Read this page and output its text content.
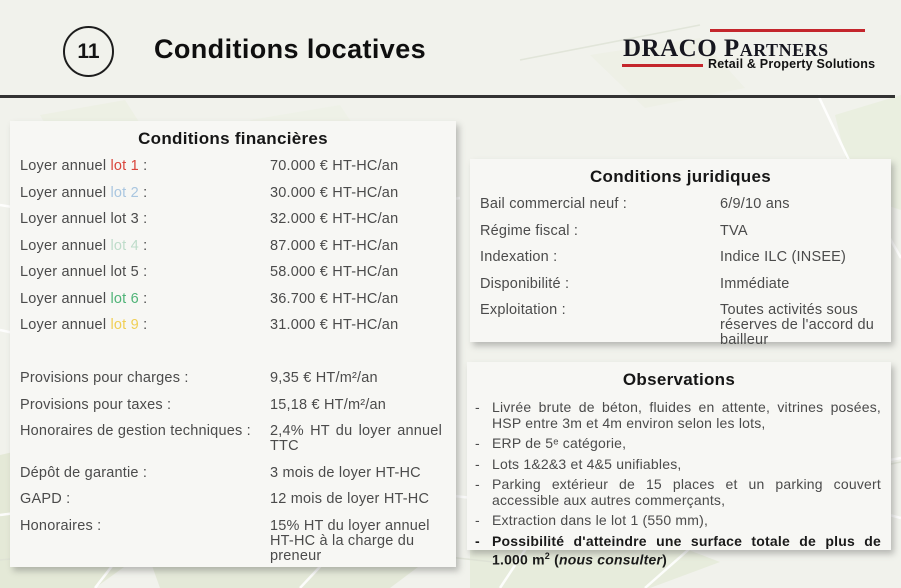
11 Conditions locatives	DRACO Partners
Retail & Property Solutions
Conditions financières
Loyer annuel lot 1 :	70.000 € HT-HC/an
Loyer annuel lot 2 :	30.000 € HT-HC/an
Loyer annuel lot 3 :	32.000 € HT-HC/an
Loyer annuel lot 4 :	87.000 € HT-HC/an
Loyer annuel lot 5 :	58.000 € HT-HC/an
Loyer annuel lot 6 :	36.700 € HT-HC/an
Loyer annuel lot 9 :	31.000 € HT-HC/an
Provisions pour charges :	9,35 € HT/m²/an
Provisions pour taxes :	15,18 € HT/m²/an
Honoraires de gestion techniques :	2,4% HT du loyer annuel TTC
Dépôt de garantie :	3 mois de loyer HT-HC
GAPD :	12 mois de loyer HT-HC
Honoraires :	15% HT du loyer annuel HT-HC à la charge du preneur
Conditions juridiques
Bail commercial neuf :	6/9/10 ans
Régime fiscal :	TVA
Indexation :	Indice ILC (INSEE)
Disponibilité :	Immédiate
Exploitation :	Toutes activités sous réserves de l'accord du bailleur
Observations
- Livrée brute de béton, fluides en attente, vitrines posées, HSP entre 3m et 4m environ selon les lots,
- ERP de 5ᵉ catégorie,
- Lots 1&2&3 et 4&5 unifiables,
- Parking extérieur de 15 places et un parking couvert accessible aux autres commerçants,
- Extraction dans le lot 1 (550 mm),
- Possibilité d'atteindre une surface totale de plus de 1.000 $m^2$ (nous consulter)
